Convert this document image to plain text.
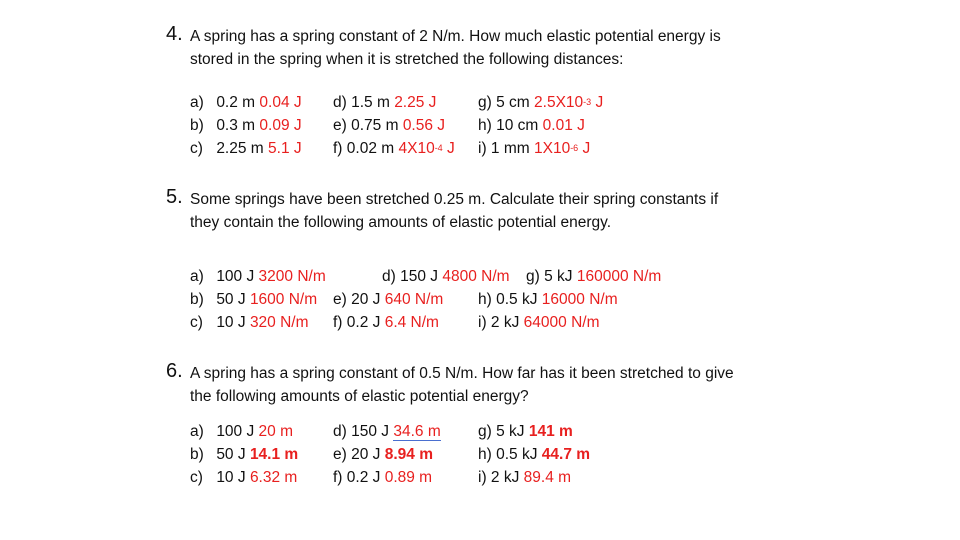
4. A spring has a spring constant of 2 N/m. How much elastic potential energy is stored in the spring when it is stretched the following distances:
a) 0.2 m 0.04 J d) 1.5 m 2.25 J	g) 5 cm $2.5X10^{-3}$ J
b) 0.3 m 0.09 J e) 0.75 m 0.56 J h) 10 cm 0.01 J
c) 2.25 m 5.1 J f) 0.02 m $4X10^{-4}$ J i) 1 mm $1X10^{-6}$ J
5. Some springs have been stretched 0.25 m. Calculate their spring constants if they contain the following amounts of elastic potential energy.
a) 100 J 3200 N/m	d) 150 J 4800 N/m g) 5 kJ 160000 N/m
b) 50 J 1600 N/m e) 20 J 640 N/m h) 0.5 kJ 16000 N/m
c) 10 J 320 N/m f) 0.2 J 6.4 N/m	i) 2 kJ 64000 N/m
6. A spring has a spring constant of 0.5 N/m. How far has it been stretched to give the following amounts of elastic potential energy?
a) 100 J 20 m	d) 150 J 34.6 m g) 5 kJ 141 m
b) 50 J 14.1 m e) 20 J 8.94 m	h) 0.5 kJ 44.7 m
c) 10 J 6.32 m f) 0.2 J 0.89 m	i) 2 kJ 89.4 m
